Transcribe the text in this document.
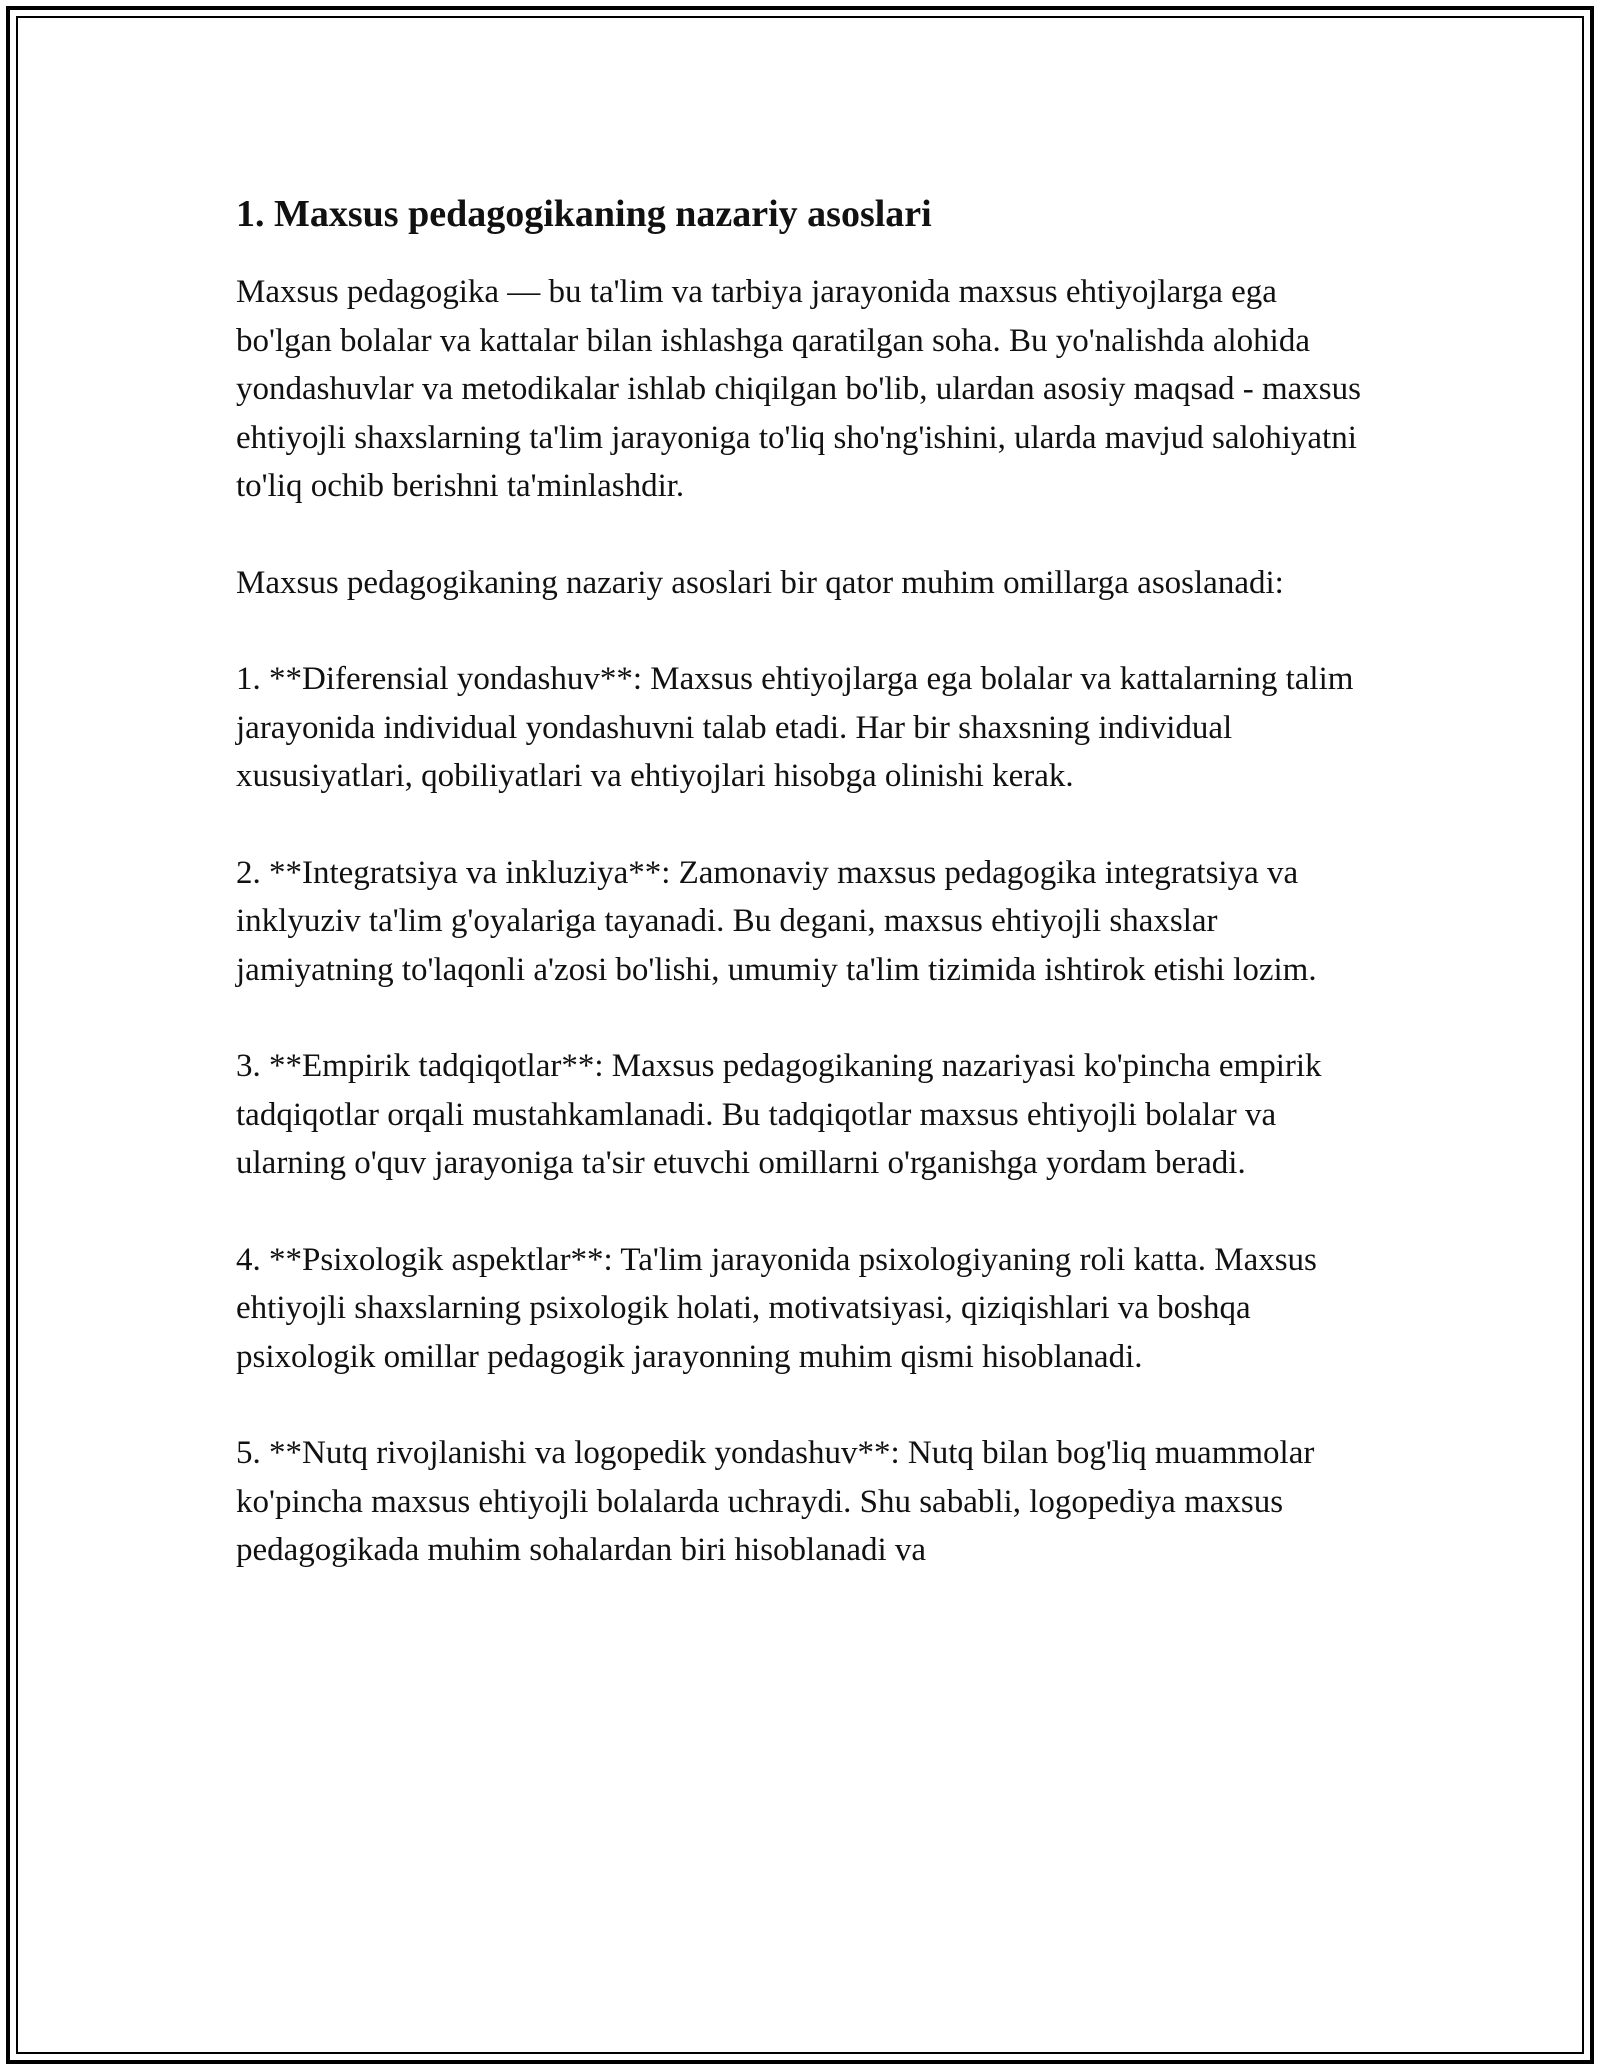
1. Maxsus pedagogikaning nazariy asoslari

Maxsus pedagogika — bu ta'lim va tarbiya jarayonida maxsus ehtiyojlarga ega bo'lgan bolalar va kattalar bilan ishlashga qaratilgan soha. Bu yo'nalishda alohida yondashuvlar va metodikalar ishlab chiqilgan bo'lib, ulardan asosiy maqsad - maxsus ehtiyojli shaxslarning ta'lim jarayoniga to'liq sho'ng'ishini, ularda mavjud salohiyatni to'liq ochib berishni ta'minlashdir.

Maxsus pedagogikaning nazariy asoslari bir qator muhim omillarga asoslanadi:

1. **Diferensial yondashuv**: Maxsus ehtiyojlarga ega bolalar va kattalarning talim jarayonida individual yondashuvni talab etadi. Har bir shaxsning individual xususiyatlari, qobiliyatlari va ehtiyojlari hisobga olinishi kerak.

2. **Integratsiya va inkluziya**: Zamonaviy maxsus pedagogika integratsiya va inklyuziv ta'lim g'oyalariga tayanadi. Bu degani, maxsus ehtiyojli shaxslar jamiyatning to'laqonli a'zosi bo'lishi, umumiy ta'lim tizimida ishtirok etishi lozim.

3. **Empirik tadqiqotlar**: Maxsus pedagogikaning nazariyasi ko'pincha empirik tadqiqotlar orqali mustahkamlanadi. Bu tadqiqotlar maxsus ehtiyojli bolalar va ularning o'quv jarayoniga ta'sir etuvchi omillarni o'rganishga yordam beradi.

4. **Psixologik aspektlar**: Ta'lim jarayonida psixologiyaning roli katta. Maxsus ehtiyojli shaxslarning psixologik holati, motivatsiyasi, qiziqishlari va boshqa psixologik omillar pedagogik jarayonning muhim qismi hisoblanadi.

5. **Nutq rivojlanishi va logopedik yondashuv**: Nutq bilan bog'liq muammolar ko'pincha maxsus ehtiyojli bolalarda uchraydi. Shu sababli, logopediya maxsus pedagogikada muhim sohalardan biri hisoblanadi va
